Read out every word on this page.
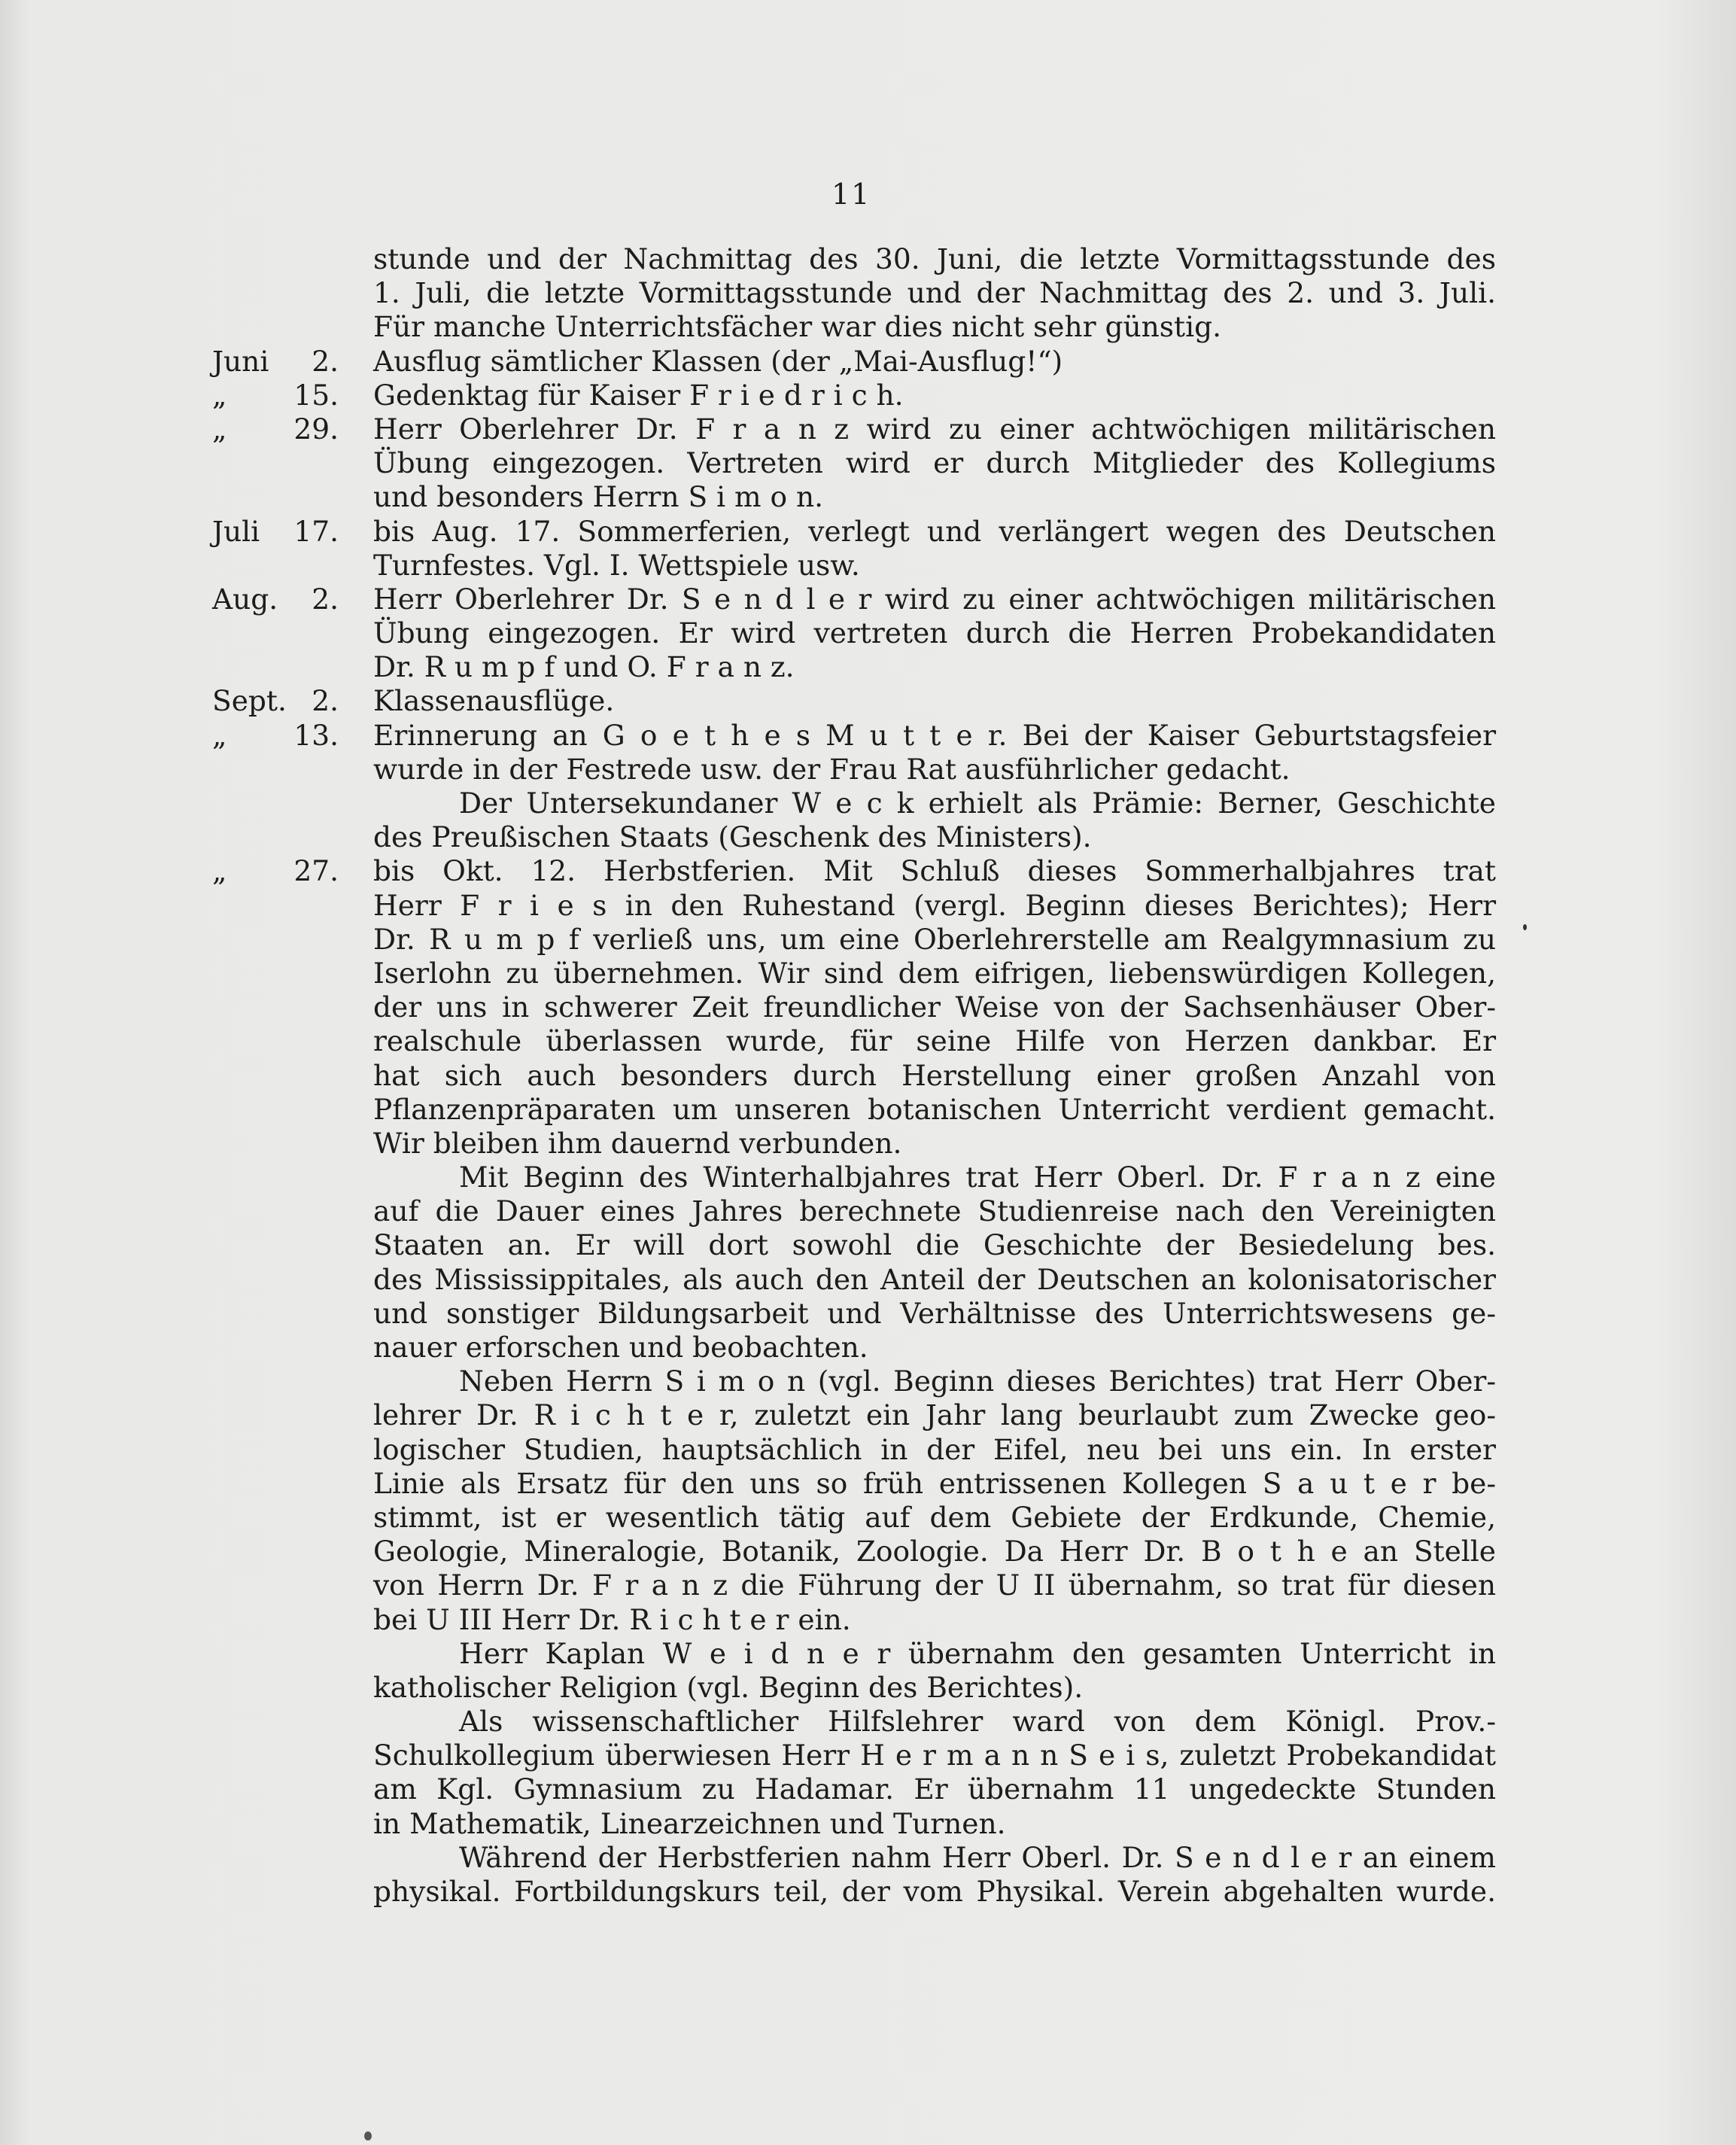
11
stunde und der Nachmittag des 30. Juni, die letzte Vormittagsstunde des
1. Juli, die letzte Vormittagsstunde und der Nachmittag des 2. und 3. Juli.
Für manche Unterrichtsfächer war dies nicht sehr günstig.
Juni 2. Ausflug sämtlicher Klassen (der „Mai-Ausflug!“)
„ 15. Gedenktag für Kaiser F r i e d r i c h.
„ 29. Herr Oberlehrer Dr. F r a n z wird zu einer achtwöchigen militärischen
Übung eingezogen. Vertreten wird er durch Mitglieder des Kollegiums
und besonders Herrn S i m o n.
Juli 17. bis Aug. 17. Sommerferien, verlegt und verlängert wegen des Deutschen
Turnfestes. Vgl. I. Wettspiele usw.
Aug. 2. Herr Oberlehrer Dr. S e n d l e r wird zu einer achtwöchigen militärischen
Übung eingezogen. Er wird vertreten durch die Herren Probekandidaten
Dr. R u m p f und O. F r a n z.
Sept. 2. Klassenausflüge.
„ 13. Erinnerung an G o e t h e s M u t t e r. Bei der Kaiser Geburtstagsfeier
wurde in der Festrede usw. der Frau Rat ausführlicher gedacht.
Der Untersekundaner W e c k erhielt als Prämie: Berner, Geschichte
des Preußischen Staats (Geschenk des Ministers).
„ 27. bis Okt. 12. Herbstferien. Mit Schluß dieses Sommerhalbjahres trat
Herr F r i e s in den Ruhestand (vergl. Beginn dieses Berichtes); Herr
Dr. R u m p f verließ uns, um eine Oberlehrerstelle am Realgymnasium zu
Iserlohn zu übernehmen. Wir sind dem eifrigen, liebenswürdigen Kollegen,
der uns in schwerer Zeit freundlicher Weise von der Sachsenhäuser Ober-
realschule überlassen wurde, für seine Hilfe von Herzen dankbar. Er
hat sich auch besonders durch Herstellung einer großen Anzahl von
Pflanzenpräparaten um unseren botanischen Unterricht verdient gemacht.
Wir bleiben ihm dauernd verbunden.
Mit Beginn des Winterhalbjahres trat Herr Oberl. Dr. F r a n z eine
auf die Dauer eines Jahres berechnete Studienreise nach den Vereinigten
Staaten an. Er will dort sowohl die Geschichte der Besiedelung bes.
des Mississippitales, als auch den Anteil der Deutschen an kolonisatorischer
und sonstiger Bildungsarbeit und Verhältnisse des Unterrichtswesens ge-
nauer erforschen und beobachten.
Neben Herrn S i m o n (vgl. Beginn dieses Berichtes) trat Herr Ober-
lehrer Dr. R i c h t e r, zuletzt ein Jahr lang beurlaubt zum Zwecke geo-
logischer Studien, hauptsächlich in der Eifel, neu bei uns ein. In erster
Linie als Ersatz für den uns so früh entrissenen Kollegen S a u t e r be-
stimmt, ist er wesentlich tätig auf dem Gebiete der Erdkunde, Chemie,
Geologie, Mineralogie, Botanik, Zoologie. Da Herr Dr. B o t h e an Stelle
von Herrn Dr. F r a n z die Führung der U II übernahm, so trat für diesen
bei U III Herr Dr. R i c h t e r ein.
Herr Kaplan W e i d n e r übernahm den gesamten Unterricht in
katholischer Religion (vgl. Beginn des Berichtes).
Als wissenschaftlicher Hilfslehrer ward von dem Königl. Prov.-
Schulkollegium überwiesen Herr H e r m a n n S e i s, zuletzt Probekandidat
am Kgl. Gymnasium zu Hadamar. Er übernahm 11 ungedeckte Stunden
in Mathematik, Linearzeichnen und Turnen.
Während der Herbstferien nahm Herr Oberl. Dr. S e n d l e r an einem
physikal. Fortbildungskurs teil, der vom Physikal. Verein abgehalten wurde.
